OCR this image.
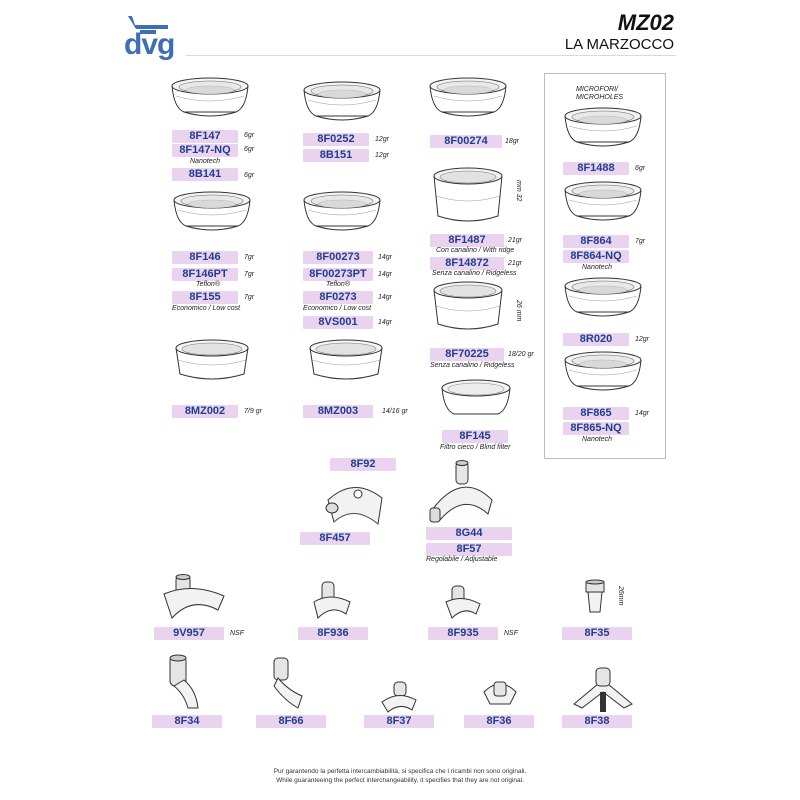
dvg
MZ02
LA MARZOCCO
MICROFORI/
MICROHOLES
8F147	6gr
8F147-NQ	6gr
Nanotech
8B141	6gr
8F0252	12gr
8B151	12gr
8F00274	18gr
mm 32
8F146	7gr
8F146PT	7gr
Teflon®
8F155	7gr
Economico / Low cost
8F00273	14gr
8F00273PT	14gr
Teflon®
8F0273	14gr
Economico / Low cost
8VS001	14gr
8F1487	21gr
Con canalino / With ridge
8F14872	21gr
Senza canalino / Ridgeless
26 mm
8F70225	18/20 gr
Senza canalino / Ridgeless
8MZ002	7/9 gr	8MZ003	14/16 gr
8F145
Filtro cieco / Blind filter
8F1488	6gr
8F864	7gr
8F864-NQ
Nanotech
8R020	12gr
8F865	14gr
8F865-NQ
Nanotech
8F92
8F457	8G44
8F57
Regolabile / Adjustable
9V957	NSF	8F936	8F935	NSF
26mm
8F35
8F34	8F66	8F37	8F36	8F38
Pur garantendo la perfetta intercambiabilità, si specifica che i ricambi non sono originali.
While guaranteeing the perfect interchangeability, it specifies that they are not original.
